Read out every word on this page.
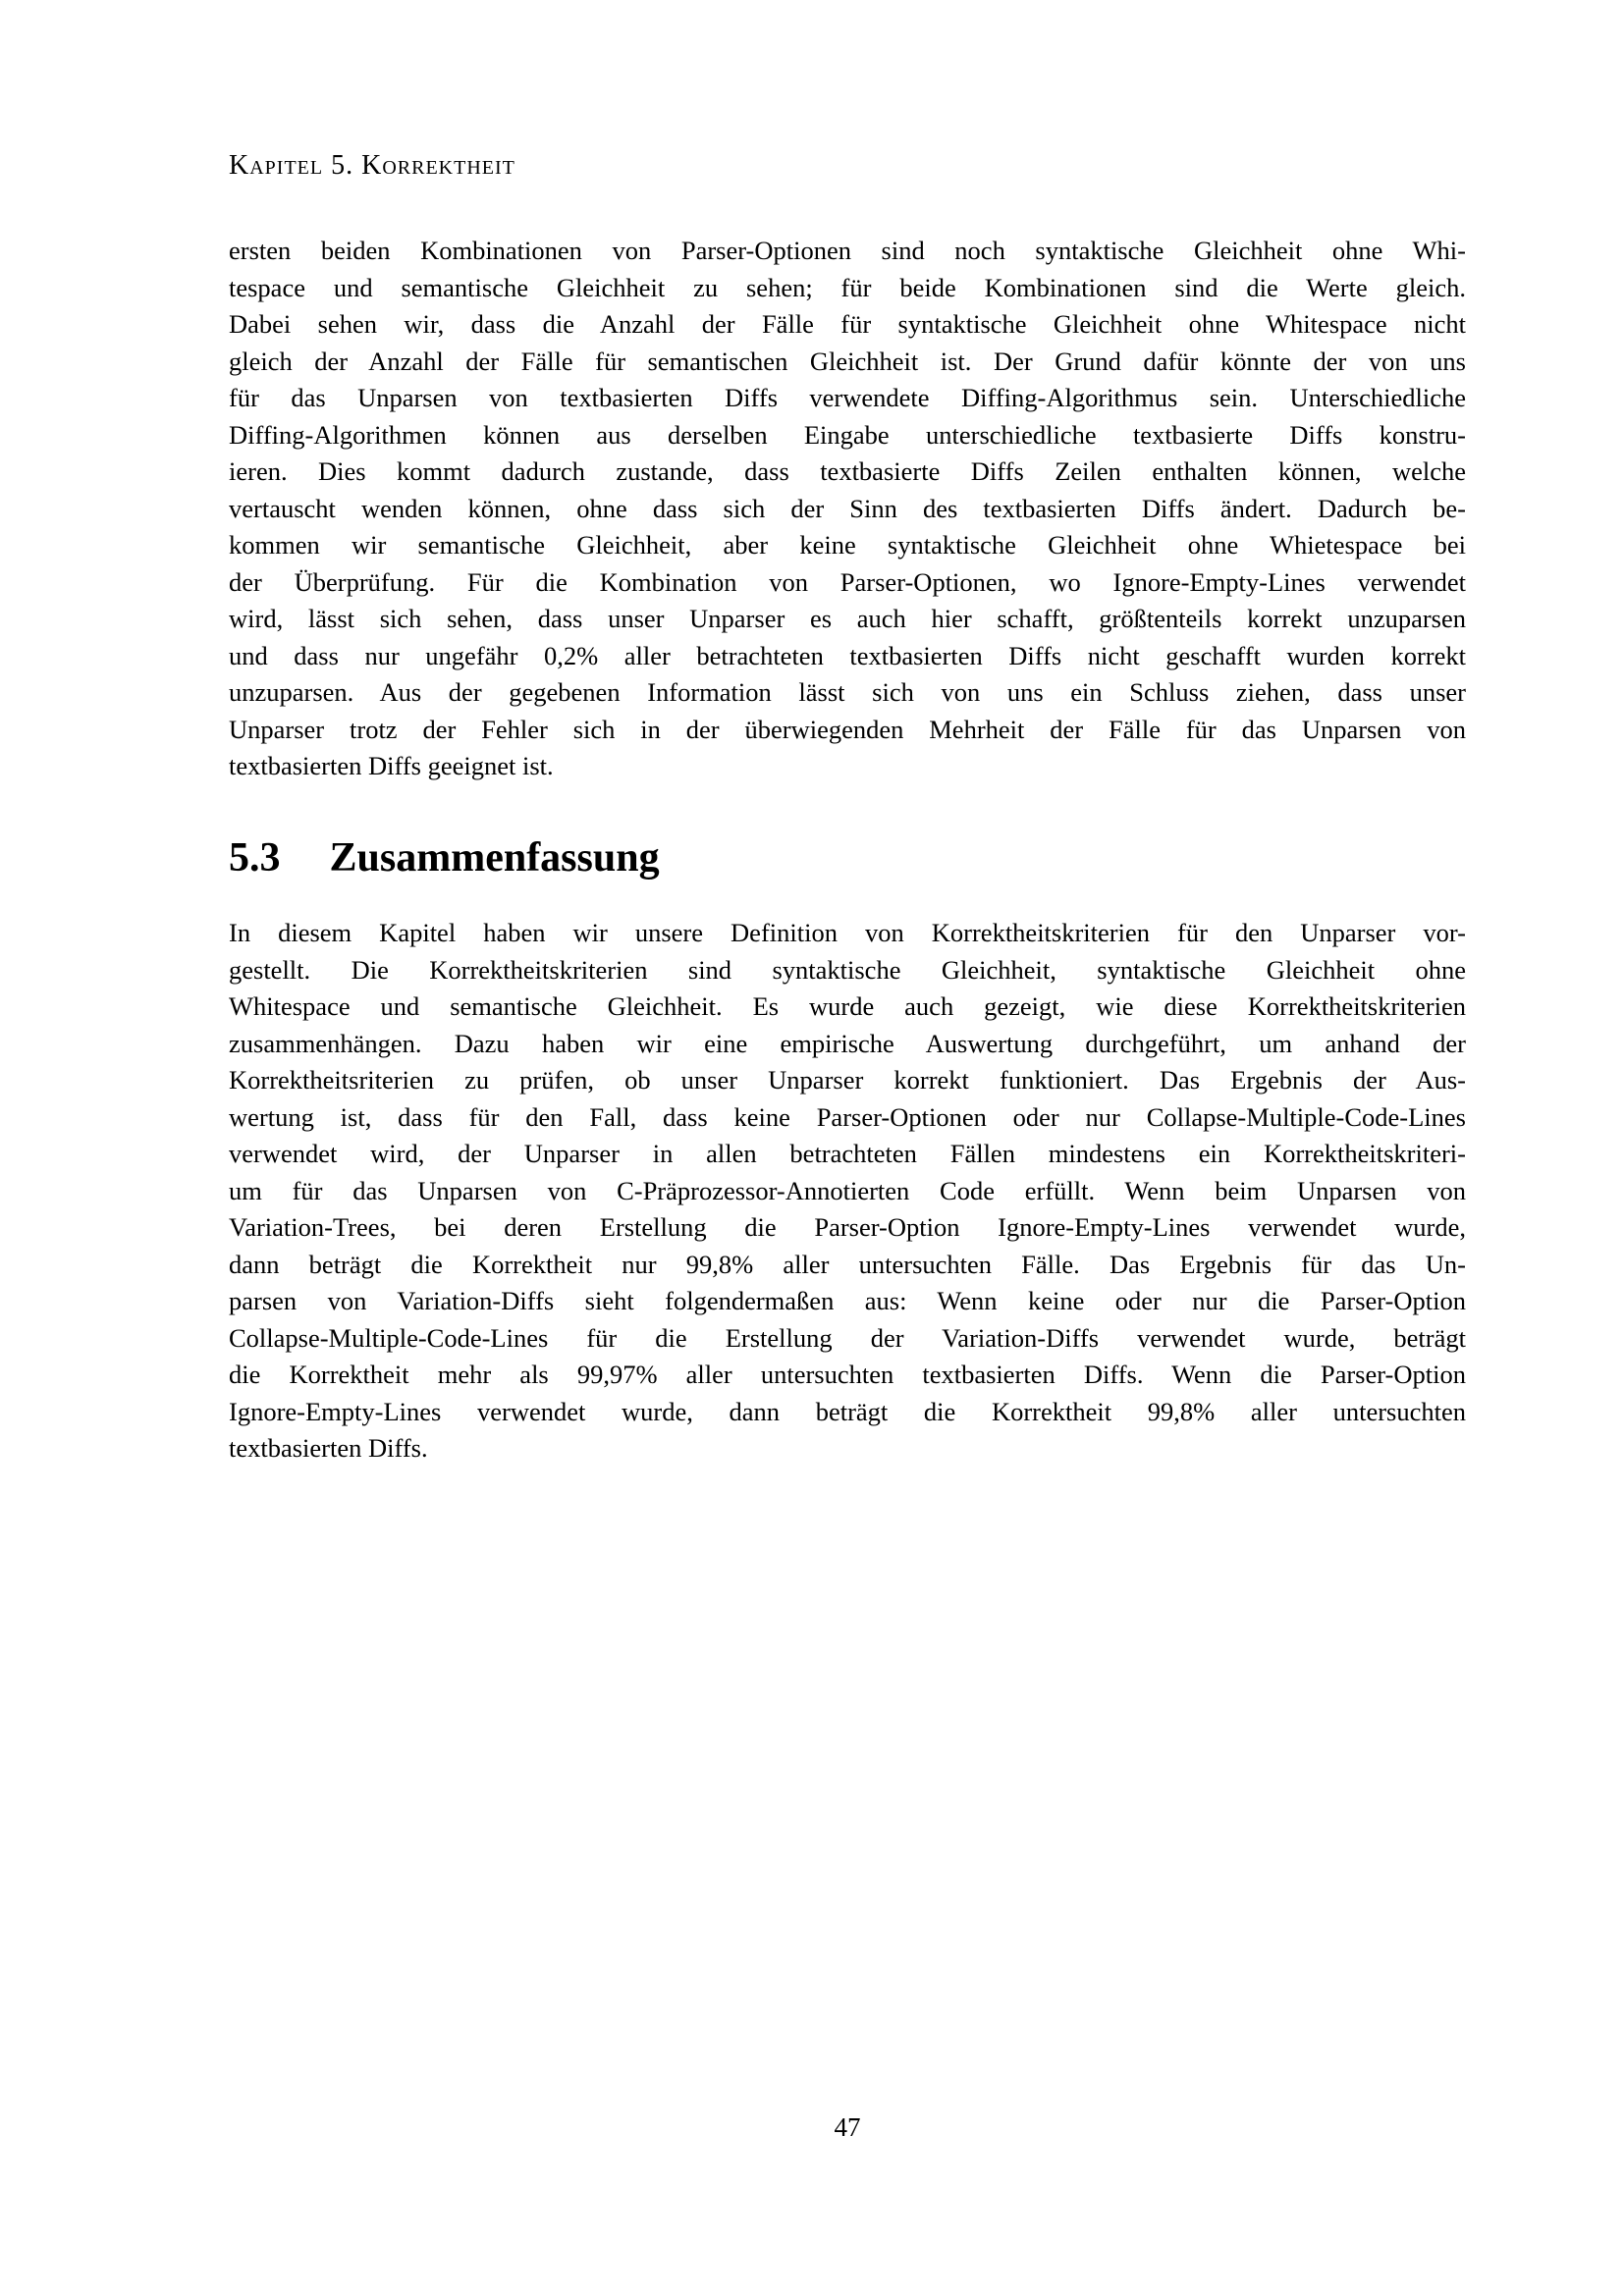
Kapitel 5. Korrektheit
ersten beiden Kombinationen von Parser-Optionen sind noch syntaktische Gleichheit ohne Whi-
tespace und semantische Gleichheit zu sehen; für beide Kombinationen sind die Werte gleich.
Dabei sehen wir, dass die Anzahl der Fälle für syntaktische Gleichheit ohne Whitespace nicht
gleich der Anzahl der Fälle für semantischen Gleichheit ist. Der Grund dafür könnte der von uns
für das Unparsen von textbasierten Diffs verwendete Diffing-Algorithmus sein. Unterschiedliche
Diffing-Algorithmen können aus derselben Eingabe unterschiedliche textbasierte Diffs konstru-
ieren. Dies kommt dadurch zustande, dass textbasierte Diffs Zeilen enthalten können, welche
vertauscht wenden können, ohne dass sich der Sinn des textbasierten Diffs ändert. Dadurch be-
kommen wir semantische Gleichheit, aber keine syntaktische Gleichheit ohne Whietespace bei
der Überprüfung. Für die Kombination von Parser-Optionen, wo Ignore-Empty-Lines verwendet
wird, lässt sich sehen, dass unser Unparser es auch hier schafft, größtenteils korrekt unzuparsen
und dass nur ungefähr 0,2% aller betrachteten textbasierten Diffs nicht geschafft wurden korrekt
unzuparsen. Aus der gegebenen Information lässt sich von uns ein Schluss ziehen, dass unser
Unparser trotz der Fehler sich in der überwiegenden Mehrheit der Fälle für das Unparsen von
textbasierten Diffs geeignet ist.
5.3 Zusammenfassung
In diesem Kapitel haben wir unsere Definition von Korrektheitskriterien für den Unparser vor-
gestellt. Die Korrektheitskriterien sind syntaktische Gleichheit, syntaktische Gleichheit ohne
Whitespace und semantische Gleichheit. Es wurde auch gezeigt, wie diese Korrektheitskriterien
zusammenhängen. Dazu haben wir eine empirische Auswertung durchgeführt, um anhand der
Korrektheitsriterien zu prüfen, ob unser Unparser korrekt funktioniert. Das Ergebnis der Aus-
wertung ist, dass für den Fall, dass keine Parser-Optionen oder nur Collapse-Multiple-Code-Lines
verwendet wird, der Unparser in allen betrachteten Fällen mindestens ein Korrektheitskriteri-
um für das Unparsen von C-Präprozessor-Annotierten Code erfüllt. Wenn beim Unparsen von
Variation-Trees, bei deren Erstellung die Parser-Option Ignore-Empty-Lines verwendet wurde,
dann beträgt die Korrektheit nur 99,8% aller untersuchten Fälle. Das Ergebnis für das Un-
parsen von Variation-Diffs sieht folgendermaßen aus: Wenn keine oder nur die Parser-Option
Collapse-Multiple-Code-Lines für die Erstellung der Variation-Diffs verwendet wurde, beträgt
die Korrektheit mehr als 99,97% aller untersuchten textbasierten Diffs. Wenn die Parser-Option
Ignore-Empty-Lines verwendet wurde, dann beträgt die Korrektheit 99,8% aller untersuchten
textbasierten Diffs.
47
